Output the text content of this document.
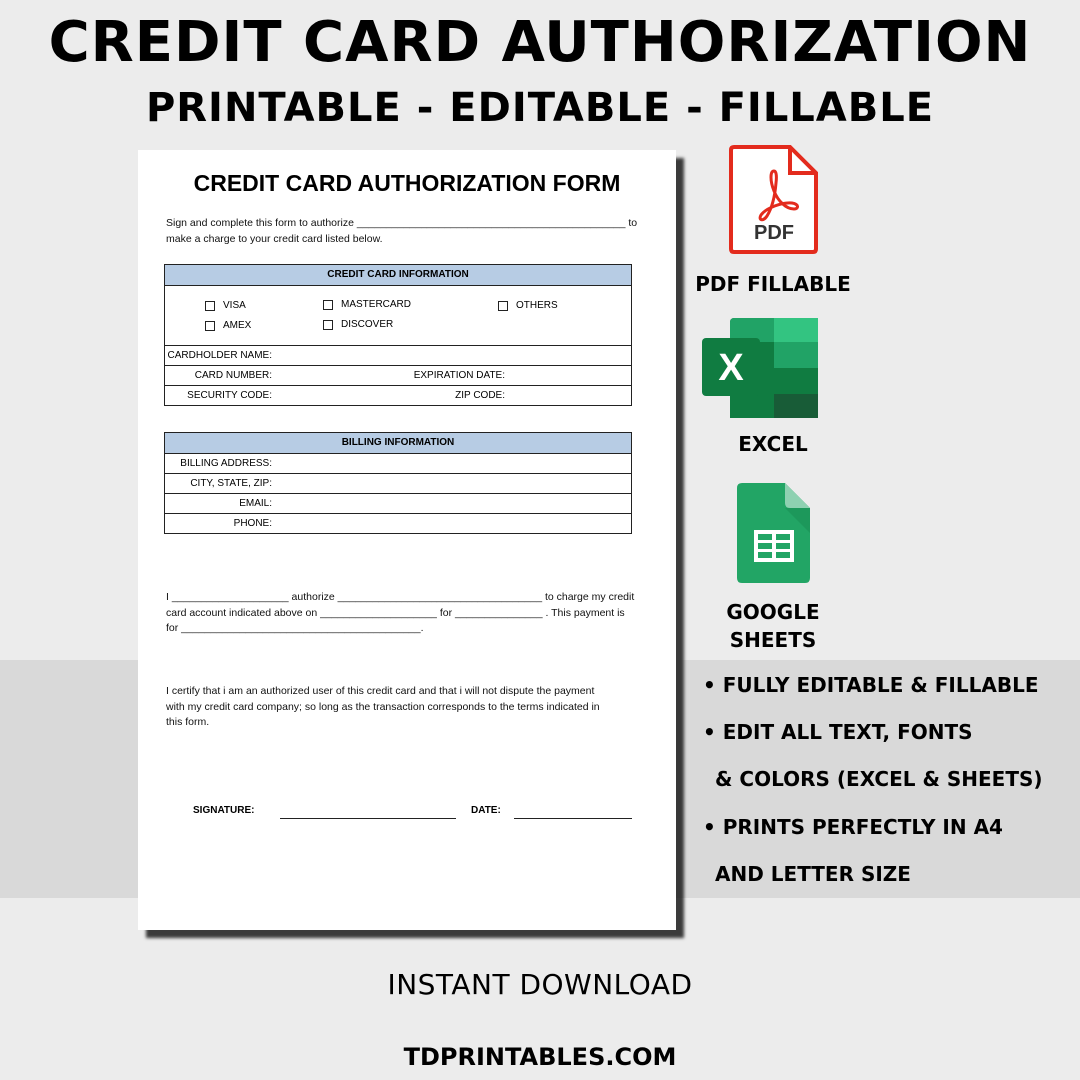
CREDIT CARD AUTHORIZATION
PRINTABLE - EDITABLE - FILLABLE
CREDIT CARD AUTHORIZATION FORM
Sign and complete this form to authorize ______________________________________________ to
make a charge to your credit card listed below.
CREDIT CARD INFORMATION
VISA	MASTERCARD	OTHERS
AMEX	DISCOVER
CARDHOLDER NAME:
CARD NUMBER:	EXPIRATION DATE:
SECURITY CODE:	ZIP CODE:
BILLING INFORMATION
BILLING ADDRESS:
CITY, STATE, ZIP:
EMAIL:
PHONE:
I ____________________ authorize ___________________________________ to charge my credit
card account indicated above on ____________________ for _______________ . This payment is
for _________________________________________.
I certify that i am an authorized user of this credit card and that i will not dispute the payment
with my credit card company; so long as the transaction corresponds to the terms indicated in
this form.
SIGNATURE:	DATE:
PDF
PDF FILLABLE
X
EXCEL
GOOGLE
SHEETS
• FULLY EDITABLE & FILLABLE
• EDIT ALL TEXT, FONTS
& COLORS (EXCEL & SHEETS)
• PRINTS PERFECTLY IN A4
AND LETTER SIZE
INSTANT DOWNLOAD
TDPRINTABLES.COM
